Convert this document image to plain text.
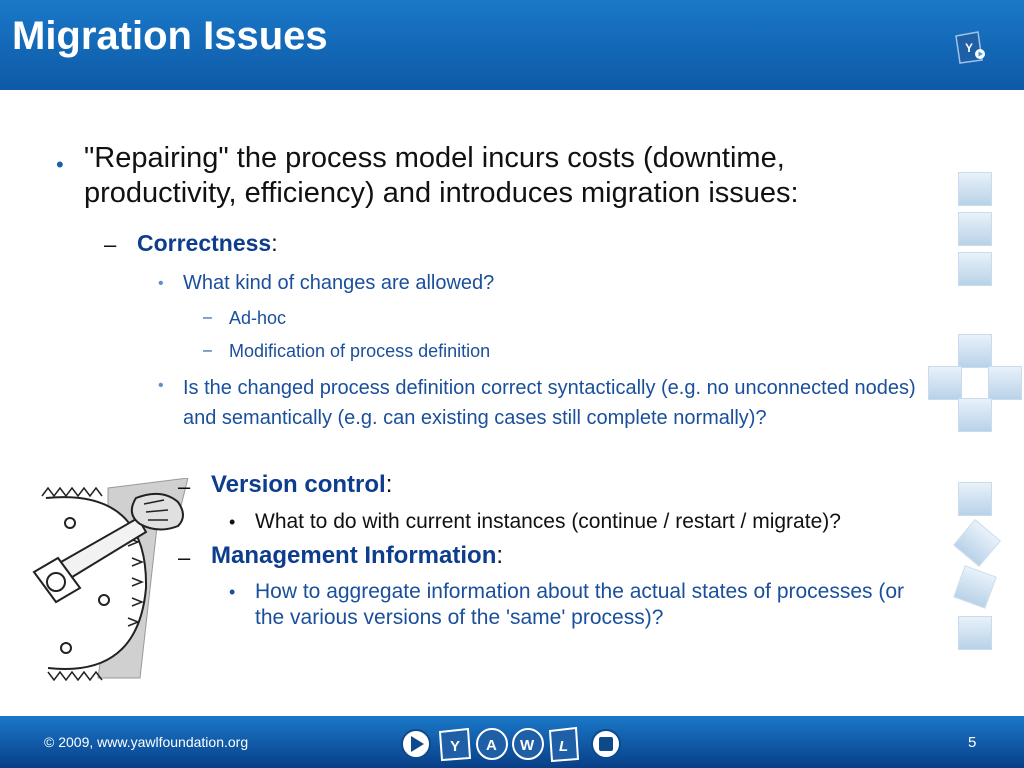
Migration Issues	Y
• "Repairing" the process model incurs costs (downtime, productivity, efficiency) and introduces migration issues:
– Correctness:
• What kind of changes are allowed?
– Ad-hoc
– Modification of process definition
• Is the changed process definition correct syntactically (e.g. no unconnected nodes) and semantically (e.g. can existing cases still complete normally)?
– Version control:
• What to do with current instances (continue / restart / migrate)?
– Management Information:
• How to aggregate information about the actual states of processes (or the various versions of the 'same' process)?
© 2009, www.yawlfoundation.org	5
Y A W L
